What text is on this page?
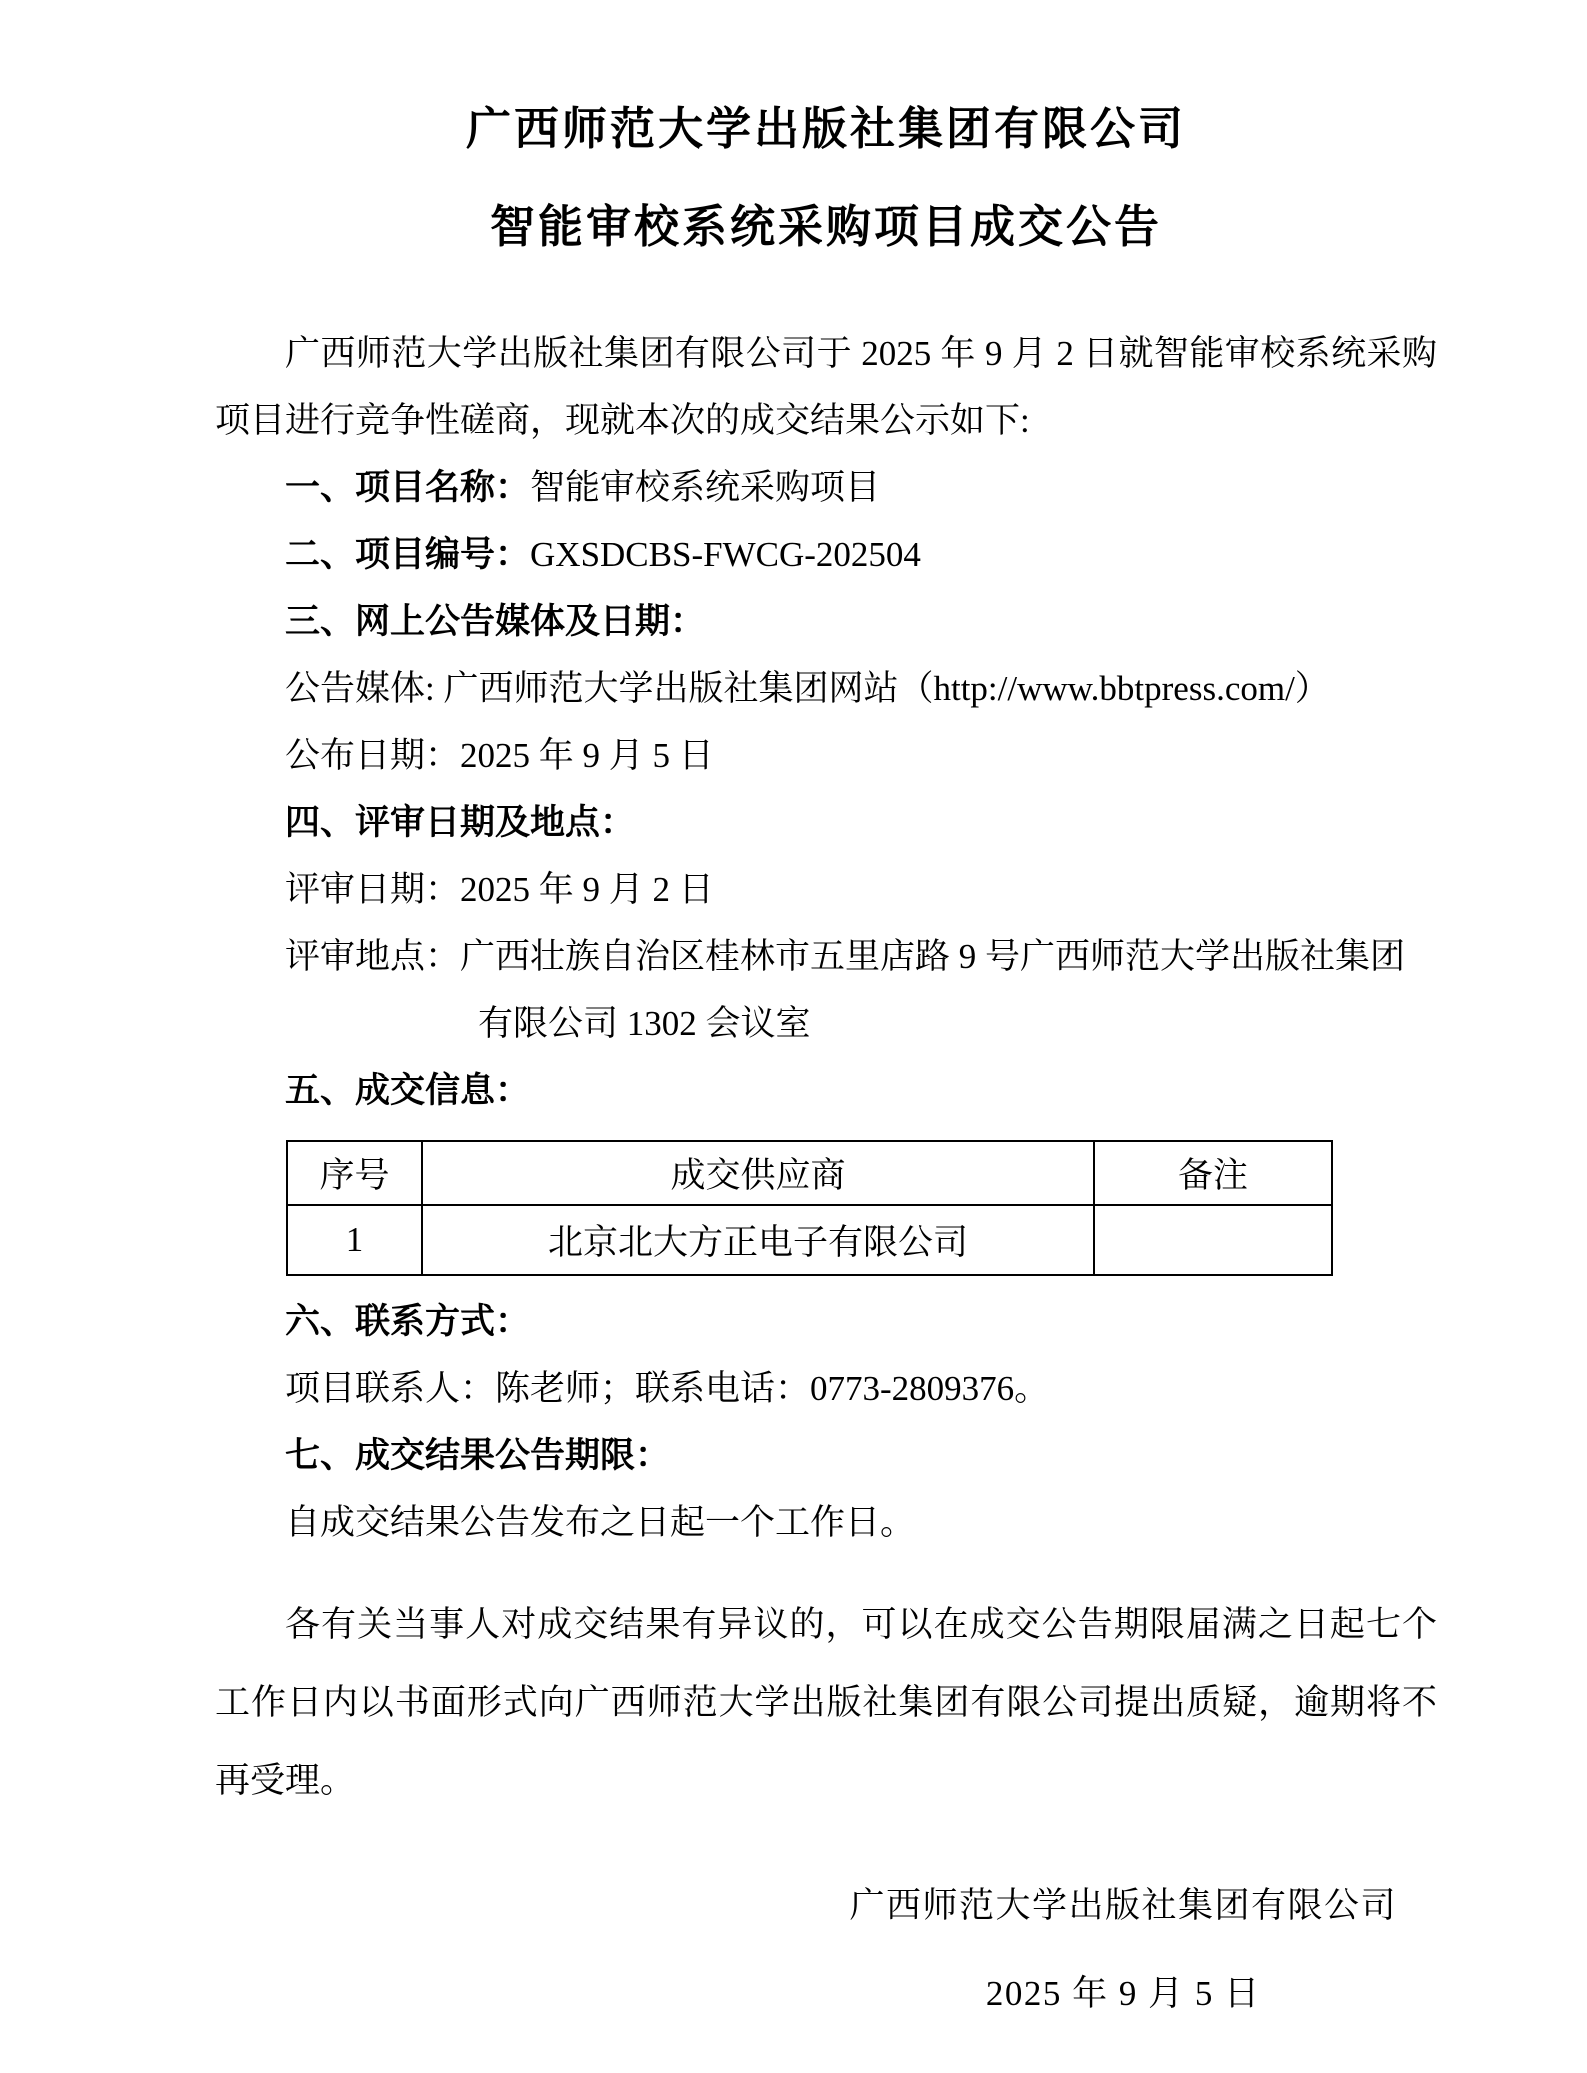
广西师范大学出版社集团有限公司

智能审校系统采购项目成交公告

广西师范大学出版社集团有限公司于 2025 年 9 月 2 日就智能审校系统采购项目进行竞争性磋商，现就本次的成交结果公示如下:

一、项目名称：智能审校系统采购项目

二、项目编号：GXSDCBS-FWCG-202504

三、网上公告媒体及日期：

公告媒体: 广西师范大学出版社集团网站（http://www.bbtpress.com/）

公布日期：2025 年 9 月 5 日

四、评审日期及地点：

评审日期：2025 年 9 月 2 日

评审地点：广西壮族自治区桂林市五里店路 9 号广西师范大学出版社集团

有限公司 1302 会议室

五、成交信息：

序号	成交供应商	备注
1	北京北大方正电子有限公司	

六、联系方式：

项目联系人：陈老师；联系电话：0773-2809376。

七、成交结果公告期限：

自成交结果公告发布之日起一个工作日。

各有关当事人对成交结果有异议的，可以在成交公告期限届满之日起七个工作日内以书面形式向广西师范大学出版社集团有限公司提出质疑，逾期将不再受理。

广西师范大学出版社集团有限公司

2025 年 9 月 5 日
